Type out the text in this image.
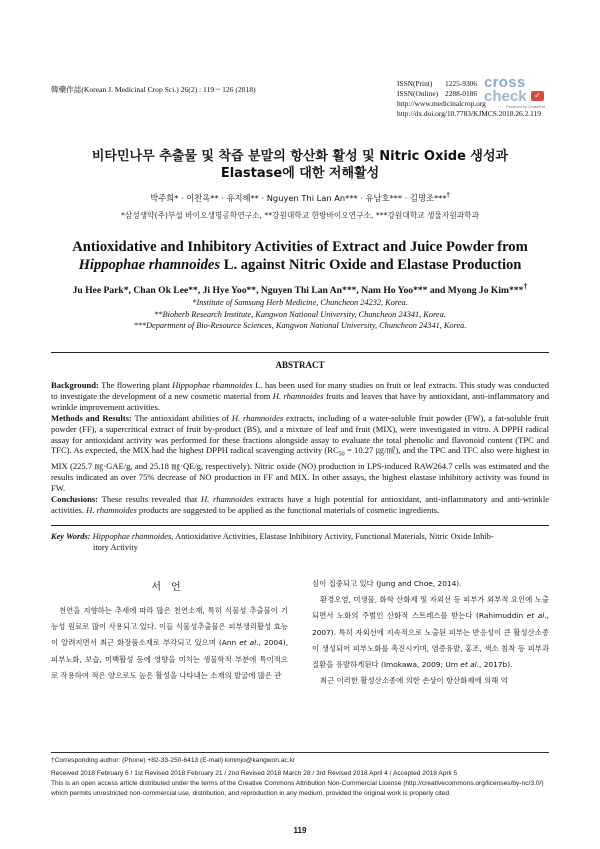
韓藥作誌(Korean J. Medicinal Crop Sci.) 26(2) : 119 ~ 126 (2018)
ISSN(Print)	1225-9306
ISSN(Online) 2288-0186
http://www.medicinalcrop.org
http://dx.doi.org/10.7783/KJMCS.2018.26.2.119
cross
check ✓
Powered by CrossRef
비타민나무 추출물 및 착즙 분말의 항산화 활성 및 Nitric Oxide 생성과
Elastase에 대한 저해활성
박주희* · 이찬옥** · 유지혜** · Nguyen Thi Lan An*** · 유남호*** · 김명조***†
*삼성생약(주)부설 바이오생명공학연구소, **강원대학교 한방바이오연구소, ***강원대학교 생물자원과학과
Antioxidative and Inhibitory Activities of Extract and Juice Powder from
Hippophae rhamnoides L. against Nitric Oxide and Elastase Production
Ju Hee Park*, Chan Ok Lee**, Ji Hye Yoo**, Nguyen Thi Lan An***, Nam Ho Yoo*** and Myong Jo Kim***†
*Institute of Samsung Herb Medicine, Chuncheon 24232, Korea.
**Bioherb Research Institute, Kangwon National University, Chuncheon 24341, Korea.
***Department of Bio-Resource Sciences, Kangwon National University, Chuncheon 24341, Korea.
ABSTRACT

Background: The flowering plant Hippophae rhamnoides L. has been used for many studies on fruit or leaf extracts. This study was conducted to investigate the development of a new cosmetic material from H. rhamnoides fruits and leaves that have by antioxidant, anti-inflammatory and wrinkle improvement activities.

Methods and Results: The antioxidant abilities of H. rhamnoides extracts, including of a water-soluble fruit powder (FW), a fat-soluble fruit powder (FF), a supercritical extract of fruit by-product (BS), and a mixture of leaf and fruit (MIX), were investigated in vitro. A DPPH radical assay for antioxidant activity was performed for these fractions alongside assay to evaluate the total phenolic and flavonoid content (TPC and TFC). As expected, the MIX had the highest DPPH radical scavenging activity ($RC_{50} = 10.27$ ㎍/㎖), and the TPC and TFC also were highest in MIX (225.7 ㎎·GAE/g, and 25.18 ㎎·QE/g, respectively). Nitric oxide (NO) production in LPS-induced RAW264.7 cells was estimated and the results indicated an over 75% decrease of NO production in FF and MIX. In other assays, the highest elastase inhibitory activity was found in FW.

Conclusions: These results revealed that H. rhamnoides extracts have a high potential for antioxidant, anti-inflammatory and anti-wrinkle activities. H. rhamnoides products are suggested to be applied as the functional materials of cosmetic ingredients.

Key Words: Hippophae rhamnoides, Antioxidative Activities, Elastase Inhibitory Activity, Functional Materials, Nitric Oxide Inhib-
itory Activity
서언

천연을 지향하는 추세에 따라 많은 천연소재, 특히 식물성 추출물이 기능성 원료로 많이 사용되고 있다. 이들 식물성추출물은 피부생리활성 효능이 알려지면서 최근 화장품소재로 부각되고 있으며 (Ann et al., 2004), 피부노화, 보습, 미백활성 등에 영향을 미치는 생물학적 부분에 특이적으로 작용하여 적은 양으로도 높은 활성을 나타내는 소재의 발굴에 많은 관

심이 집중되고 있다 (Jung and Choe, 2014).

환경오염, 미생물, 화학 산화제 및 자외선 등 피부가 외부적 요인에 노출되면서 노화의 주범인 산화적 스트레스를 받는다 (Rahimuddin et al., 2007). 특히 자외선에 지속적으로 노출된 피부는 반응성이 큰 활성산소종이 생성되어 피부노화를 촉진시키며, 염증유발, 홍조, 색소 침착 등 피부과 질환을 유발하게된다 (Imokawa, 2009; Um et al., 2017b).

최근 이러한 활성산소종에 의한 손상이 항산화제에 의해 억

†Corresponding author: (Phone) +82-33-250-6413 (E-mail) kimmjo@kangwon.ac.kr
Received 2018 February 6 / 1st Revised 2018 February 21 / 2nd Revised 2018 March 28 / 3rd Revised 2018 April 4 / Accepted 2018 April 5
This is an open access article distributed under the terms of the Creative Commons Attribution Non-Commercial License (http://creativecommons.org/licenses/by-nc/3.0/) which permits unrestricted non-commercial use, distribution, and reproduction in any medium, provided the original work is properly cited.
119
